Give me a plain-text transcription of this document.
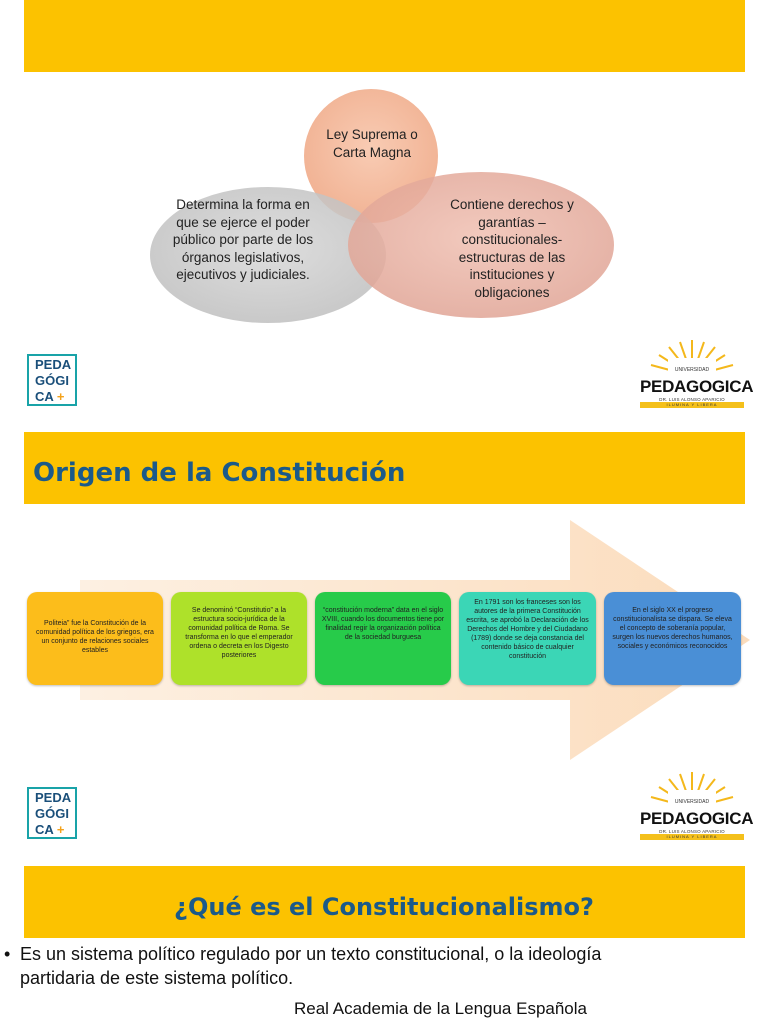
Ley Suprema o Carta Magna
Determina la forma en que se ejerce el poder público por parte de los órganos legislativos, ejecutivos y judiciales.
Contiene derechos y garantías – constitucionales-estructuras de las instituciones y obligaciones
PEDA
GÓGI
CA +
UNIVERSIDAD
PEDAGOGICA
DR. LUIS ALONSO APARICIO
ILUMINA Y LIBERA
Origen de la Constitución
Politeia” fue la Constitución de la comunidad política de los griegos, era un conjunto de relaciones sociales estables
Se denominó “Constitutio” a la estructura socio-jurídica de la comunidad política de Roma. Se transforma en lo que el emperador ordena o decreta en los Digesto posteriores
“constitución moderna” data en el siglo XVIII, cuando los documentos tiene por finalidad regir la organización política de la sociedad burguesa
En 1791 son los franceses son los autores de la primera Constitución escrita, se aprobó la Declaración de los Derechos del Hombre y del Ciudadano (1789) donde se deja constancia del contenido básico de cualquier constitución
En el siglo XX el progreso constitucionalista se dispara. Se eleva el concepto de soberanía popular, surgen los nuevos derechos humanos, sociales y económicos reconocidos
PEDA
GÓGI
CA +
UNIVERSIDAD
PEDAGOGICA
DR. LUIS ALONSO APARICIO
ILUMINA Y LIBERA
¿Qué es el Constitucionalismo?
• Es un sistema político regulado por un texto constitucional, o la ideología partidaria de este sistema político.
Real Academia de la Lengua Española
